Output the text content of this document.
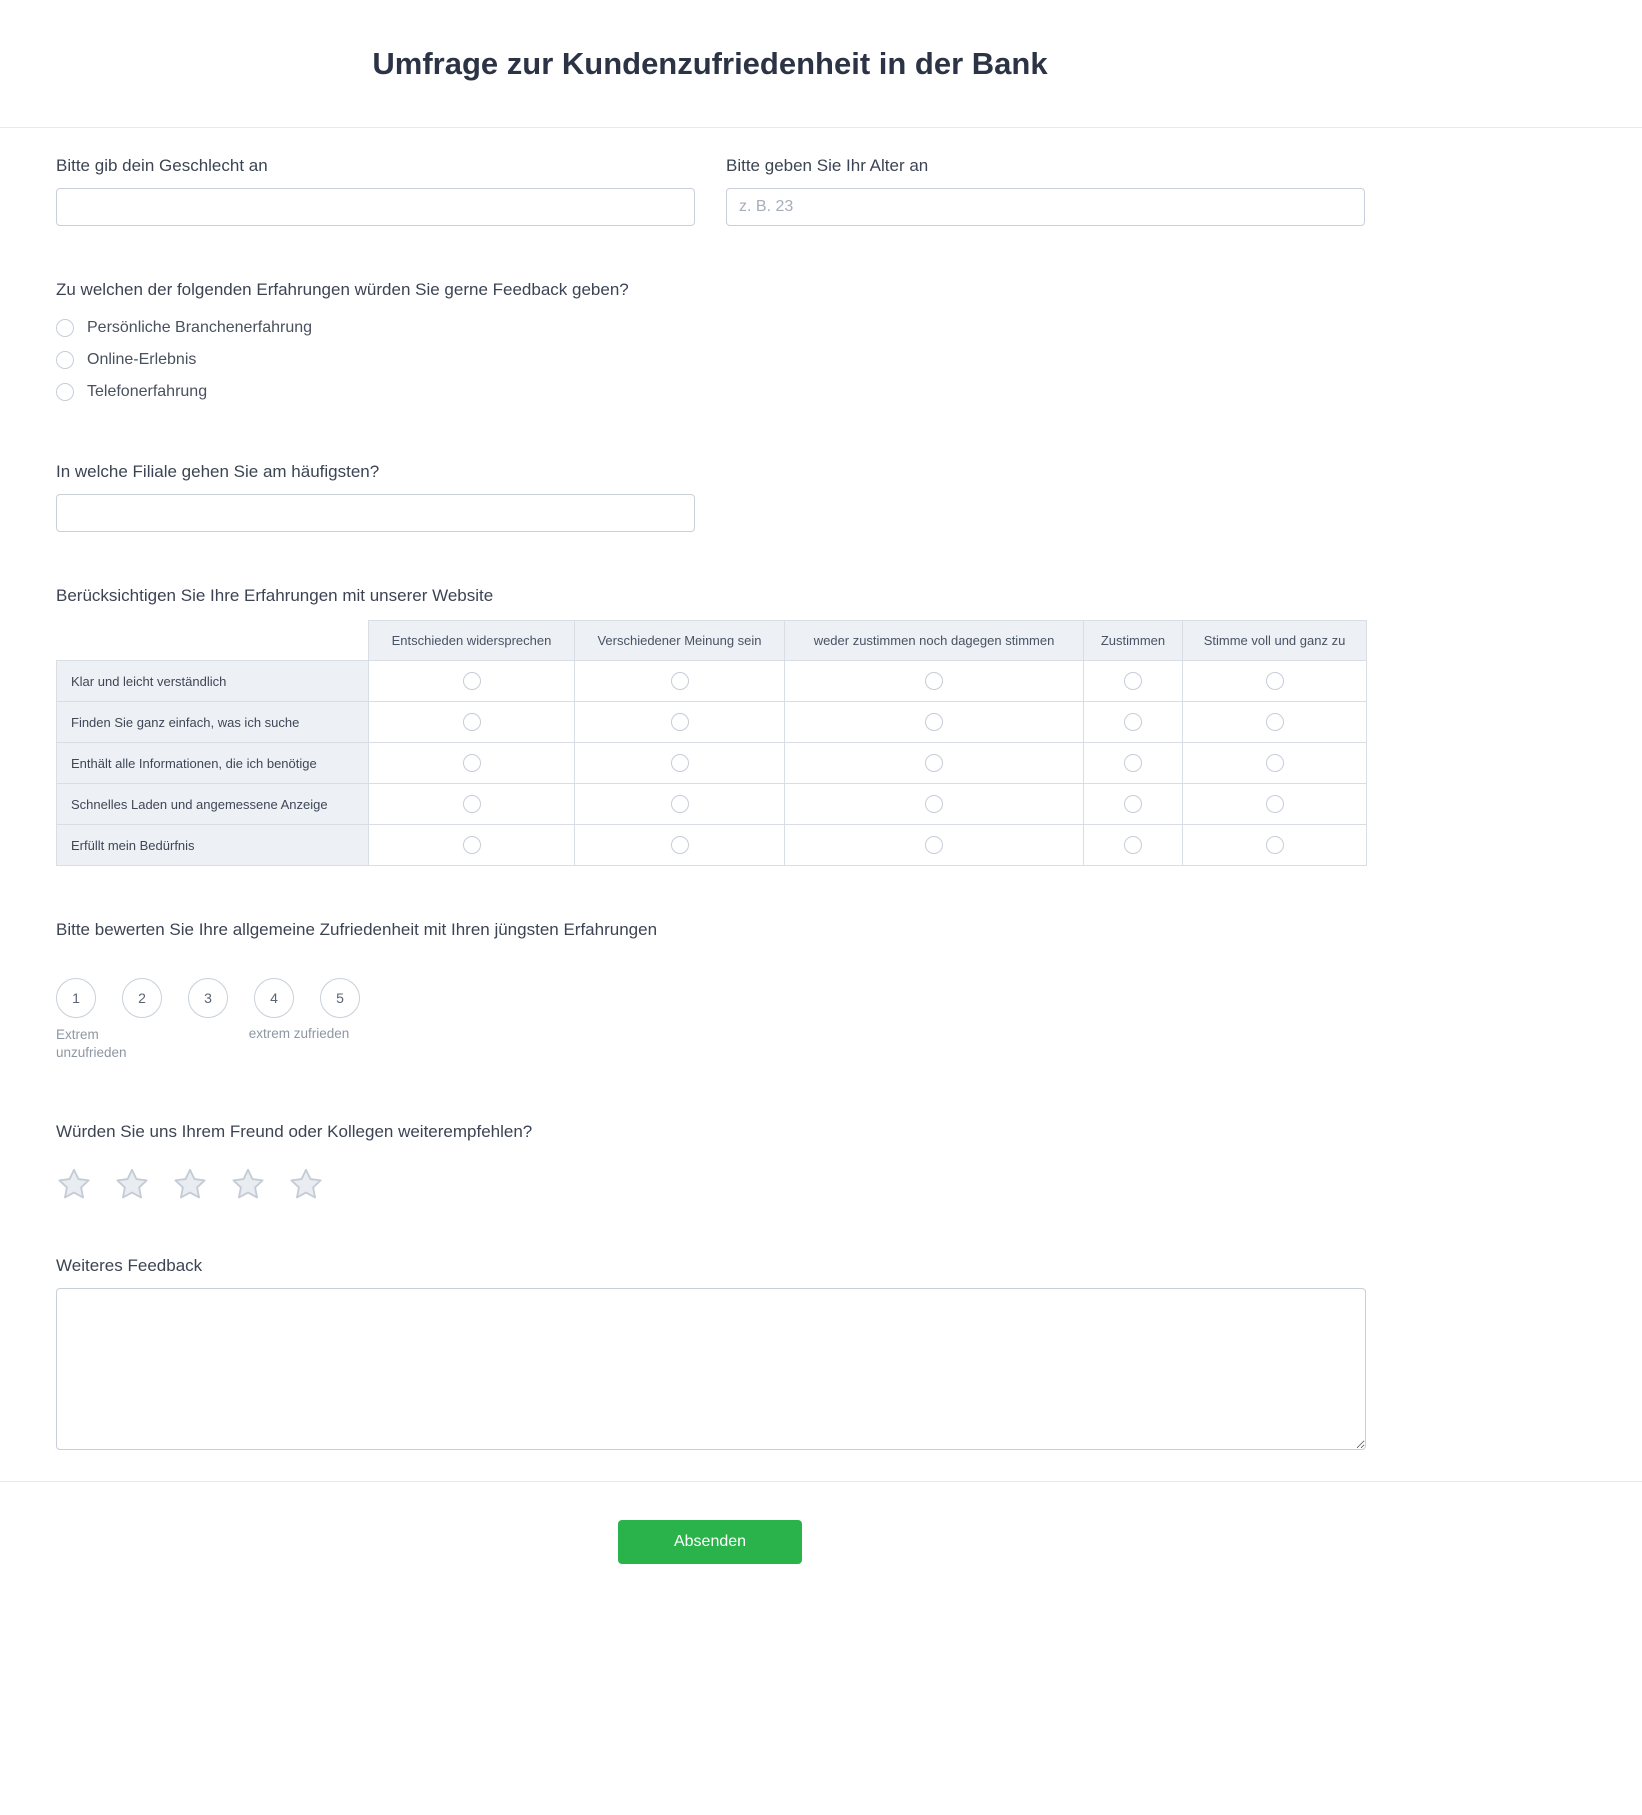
Umfrage zur Kundenzufriedenheit in der Bank
Bitte gib dein Geschlecht an	Bitte geben Sie Ihr Alter an
z. B. 23
Zu welchen der folgenden Erfahrungen würden Sie gerne Feedback geben?
Persönliche Branchenerfahrung
Online-Erlebnis
Telefonerfahrung
In welche Filiale gehen Sie am häufigsten?
Berücksichtigen Sie Ihre Erfahrungen mit unserer Website
	Entschieden widersprechen	Verschiedener Meinung sein	weder zustimmen noch dagegen stimmen	Zustimmen	Stimme voll und ganz zu
Klar und leicht verständlich					
Finden Sie ganz einfach, was ich suche					
Enthält alle Informationen, die ich benötige					
Schnelles Laden und angemessene Anzeige					
Erfüllt mein Bedürfnis					
Bitte bewerten Sie Ihre allgemeine Zufriedenheit mit Ihren jüngsten Erfahrungen
1	2	3	4	5
Extrem unzufrieden
extrem zufrieden
Würden Sie uns Ihrem Freund oder Kollegen weiterempfehlen?
Weiteres Feedback
Absenden
